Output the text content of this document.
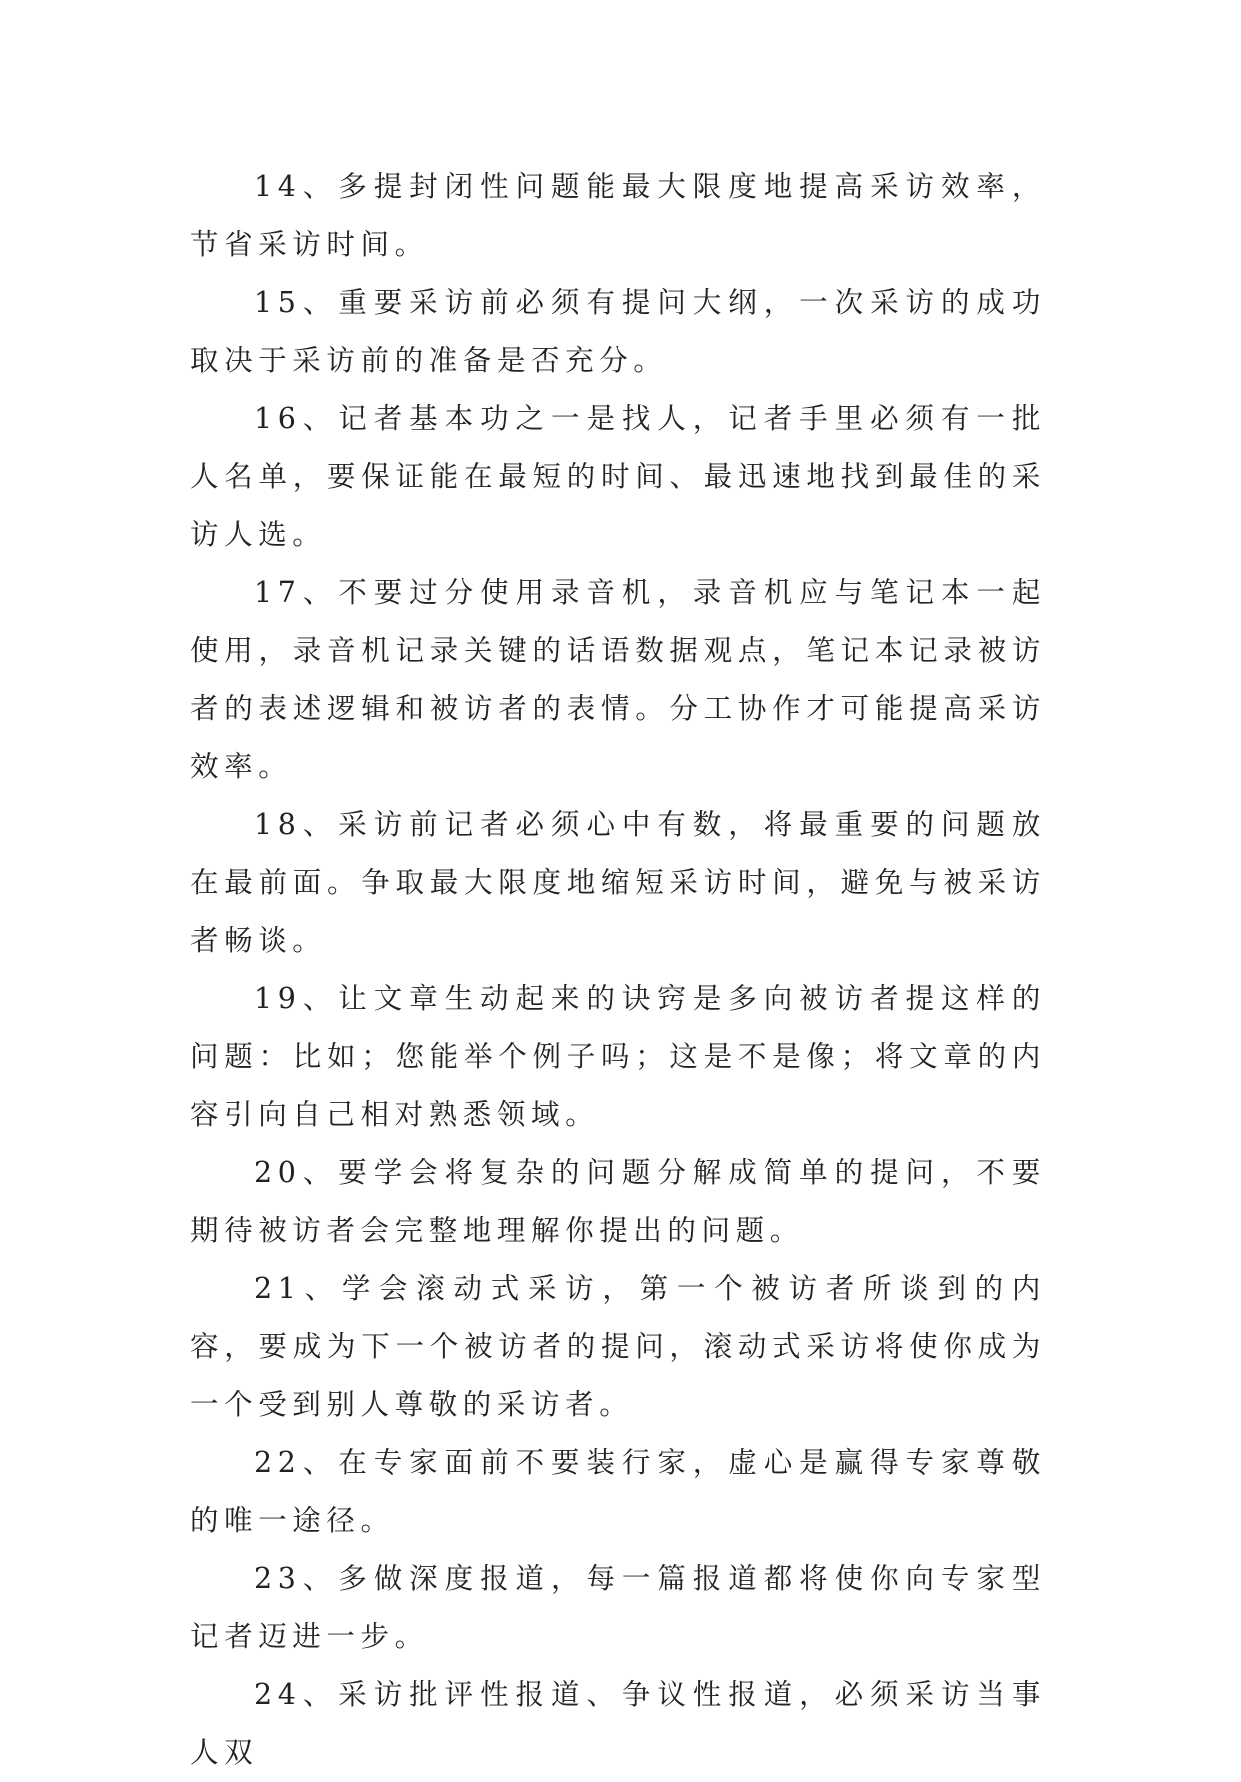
14、多提封闭性问题能最大限度地提高采访效率，节省采访时间。

15、重要采访前必须有提问大纲，一次采访的成功取决于采访前的准备是否充分。

16、记者基本功之一是找人，记者手里必须有一批人名单，要保证能在最短的时间、最迅速地找到最佳的采访人选。

17、不要过分使用录音机，录音机应与笔记本一起使用，录音机记录关键的话语数据观点，笔记本记录被访者的表述逻辑和被访者的表情。分工协作才可能提高采访效率。

18、采访前记者必须心中有数，将最重要的问题放在最前面。争取最大限度地缩短采访时间，避免与被采访者畅谈。

19、让文章生动起来的诀窍是多向被访者提这样的问题：比如；您能举个例子吗；这是不是像；将文章的内容引向自己相对熟悉领域。

20、要学会将复杂的问题分解成简单的提问，不要期待被访者会完整地理解你提出的问题。

21、学会滚动式采访，第一个被访者所谈到的内容，要成为下一个被访者的提问，滚动式采访将使你成为一个受到别人尊敬的采访者。

22、在专家面前不要装行家，虚心是赢得专家尊敬的唯一途径。

23、多做深度报道，每一篇报道都将使你向专家型记者迈进一步。

24、采访批评性报道、争议性报道，必须采访当事人双
